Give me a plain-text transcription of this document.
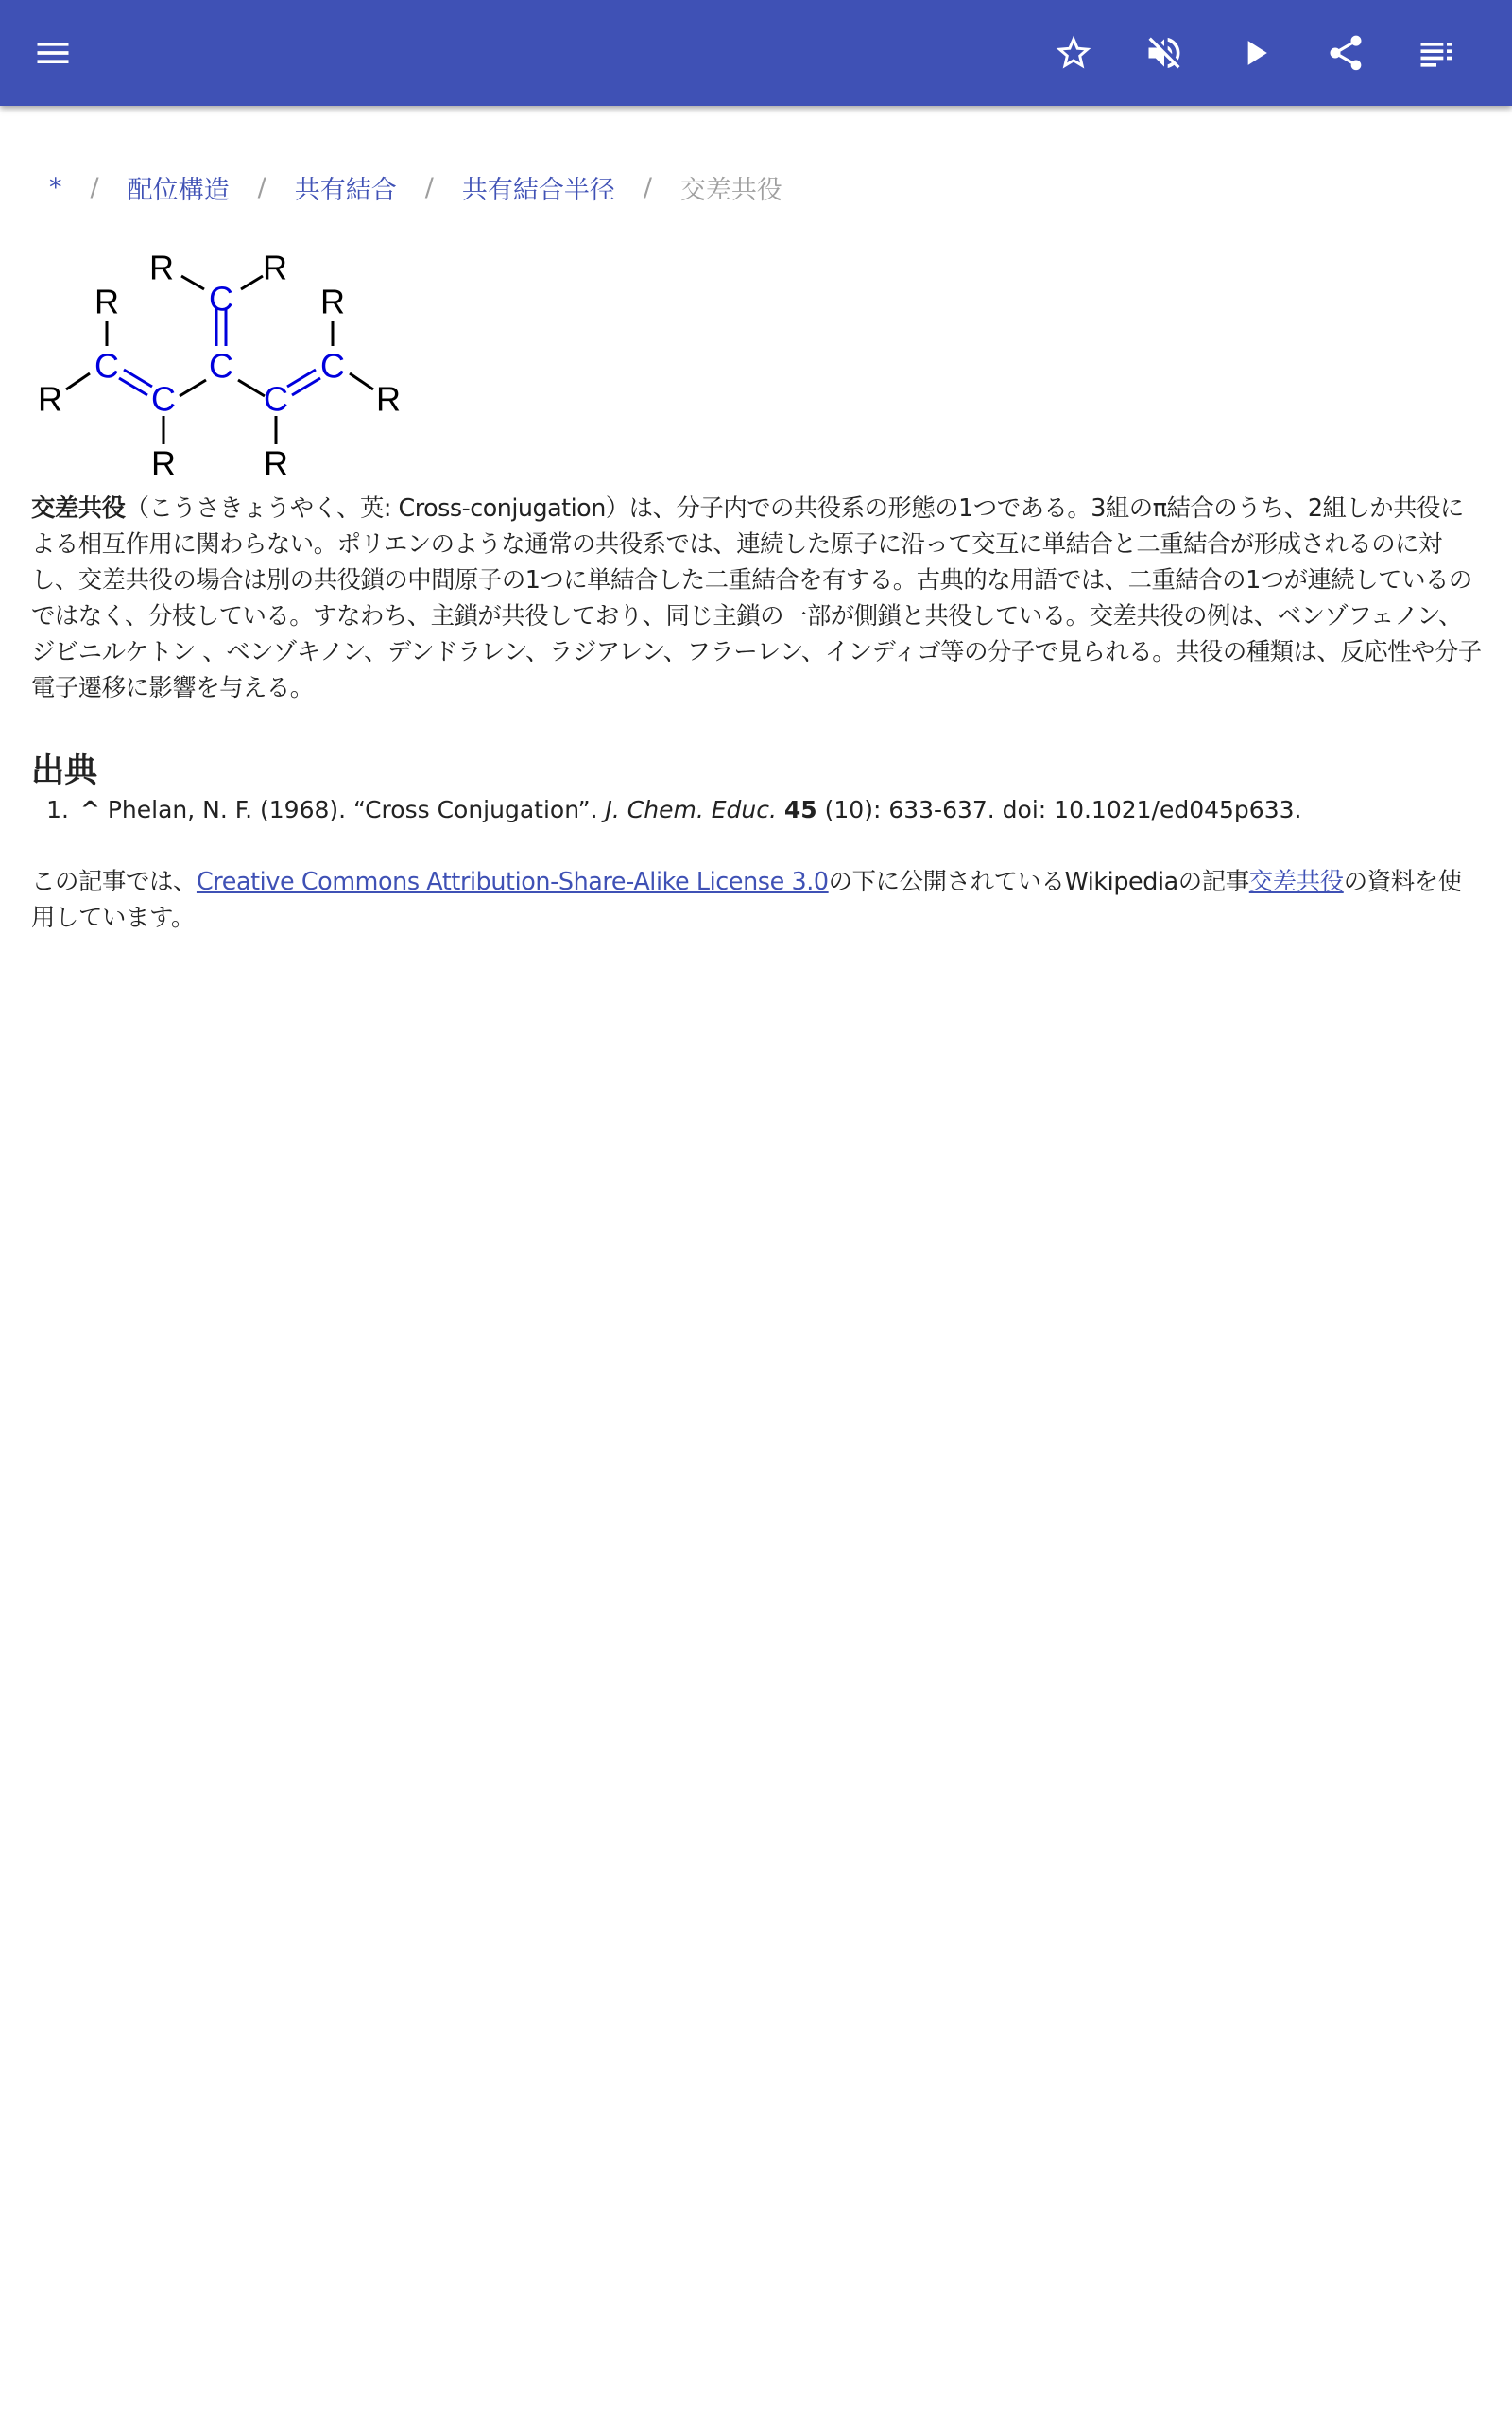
* / 配位構造 / 共有結合 / 共有結合半径 / 交差共役
C
C	C	C
C	C
R	R
R	R
R	R
R	R
交差共役（こうさきょうやく、英: Cross-conjugation）は、分子内での共役系の形態の1つである。3組のπ結合のうち、2組しか共役による相互作用に関わらない。ポリエンのような通常の共役系では、連続した原子に沿って交互に単結合と二重結合が形成されるのに対し、交差共役の場合は別の共役鎖の中間原子の1つに単結合した二重結合を有する。古典的な用語では、二重結合の1つが連続しているのではなく、分枝している。すなわち、主鎖が共役しており、同じ主鎖の一部が側鎖と共役している。交差共役の例は、ベンゾフェノン、 ジビニルケトン 、ベンゾキノン、デンドラレン、ラジアレン、フラーレン、インディゴ等の分子で見られる。共役の種類は、反応性や分子電子遷移に影響を与える。
出典
1. ^ Phelan, N. F. (1968). “Cross Conjugation”. J. Chem. Educ. 45 (10): 633-637. doi: 10.1021/ed045p633.
この記事では、Creative Commons Attribution-Share-Alike License 3.0の下に公開されているWikipediaの記事交差共役の資料を使用しています。
